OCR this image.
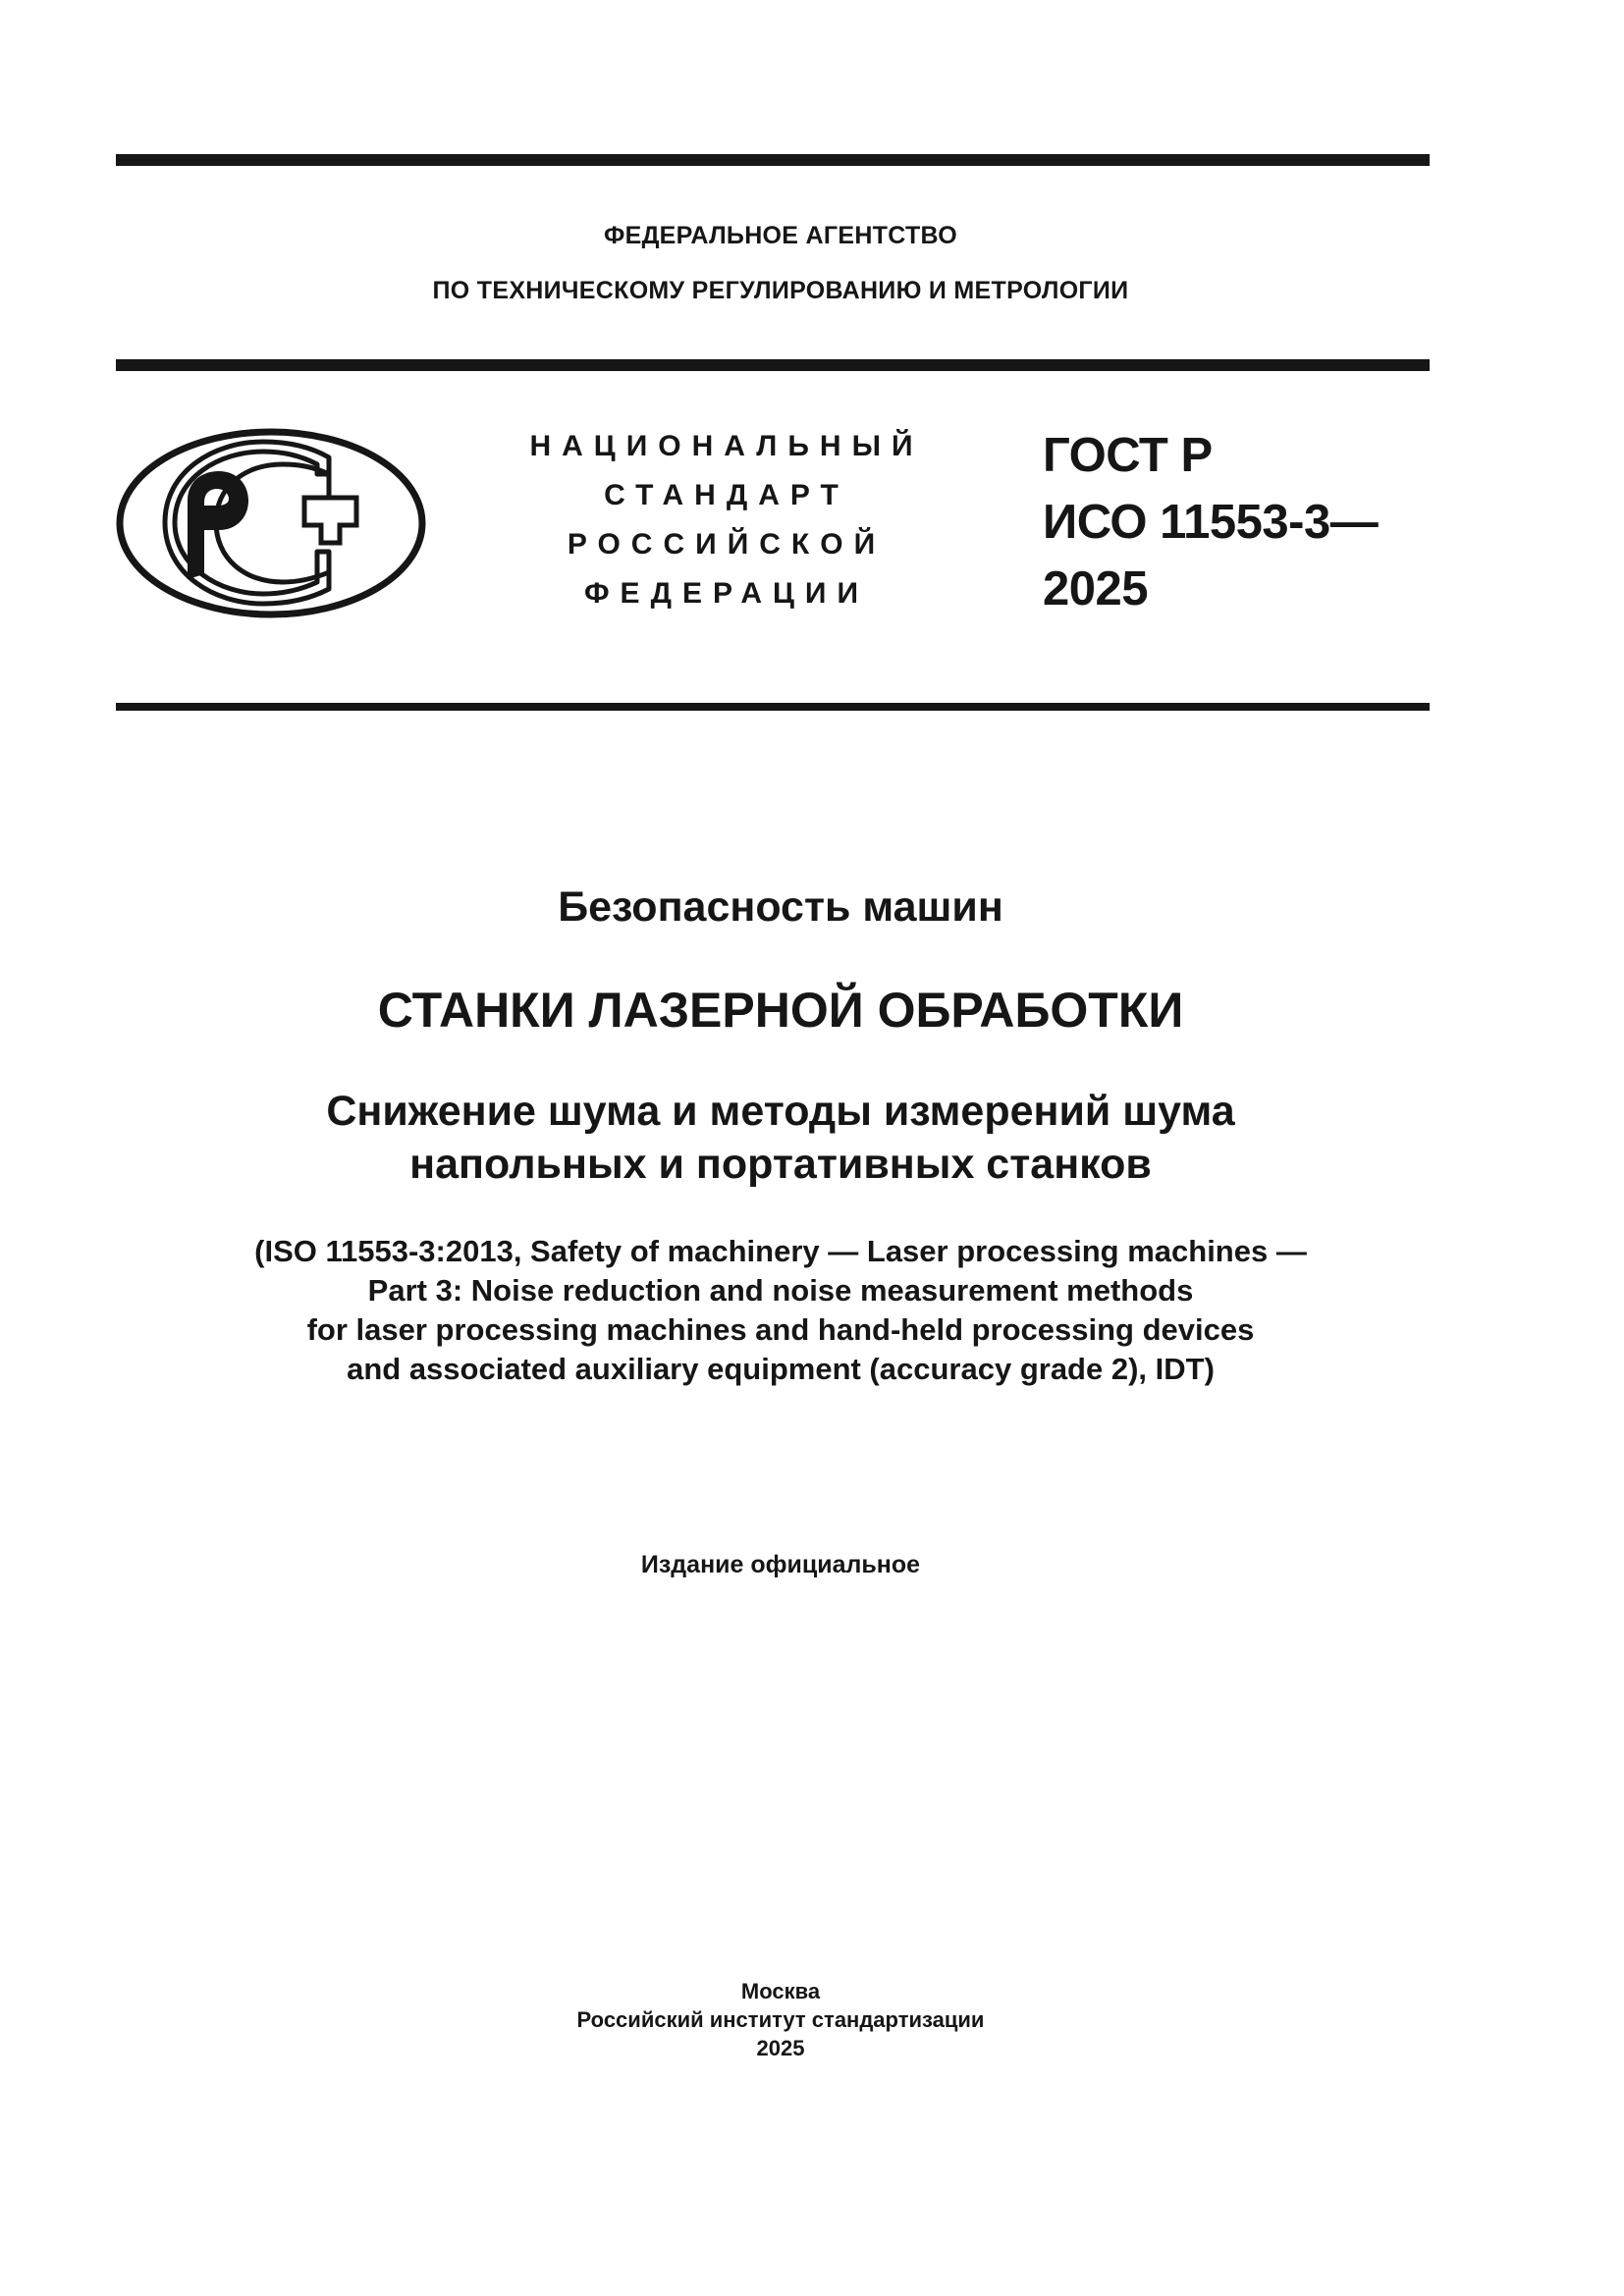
ФЕДЕРАЛЬНОЕ АГЕНТСТВО
ПО ТЕХНИЧЕСКОМУ РЕГУЛИРОВАНИЮ И МЕТРОЛОГИИ
НАЦИОНАЛЬНЫЙ
СТАНДАРТ
РОССИЙСКОЙ
ФЕДЕРАЦИИ
ГОСТ Р
ИСО 11553-3—
2025
Безопасность машин
СТАНКИ ЛАЗЕРНОЙ ОБРАБОТКИ
Снижение шума и методы измерений шума
напольных и портативных станков
(ISO 11553-3:2013, Safety of machinery — Laser processing machines —
Part 3: Noise reduction and noise measurement methods
for laser processing machines and hand-held processing devices
and associated auxiliary equipment (accuracy grade 2), IDT)
Издание официальное
Москва
Российский институт стандартизации
2025
